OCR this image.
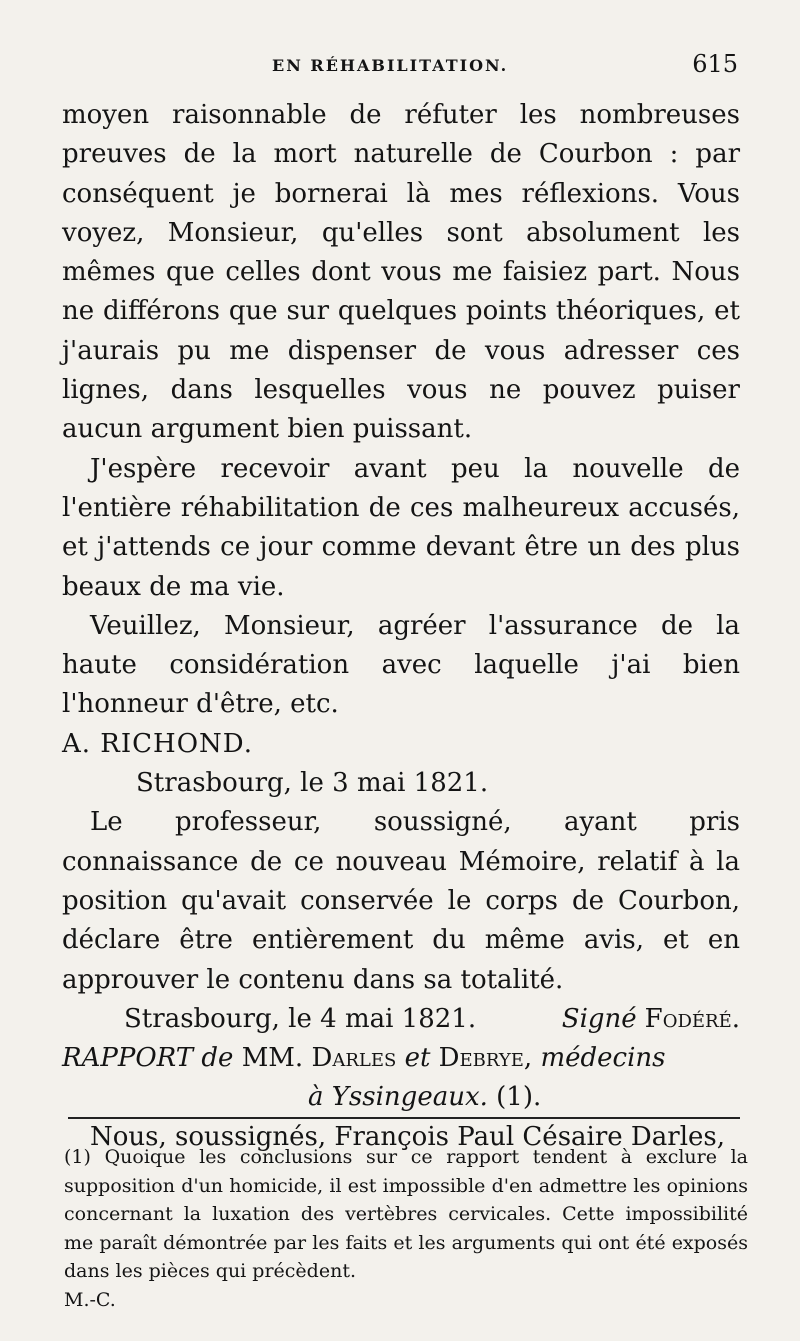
EN RÉHABILITATION.	615

moyen raisonnable de réfuter les nombreuses preuves de la mort naturelle de Courbon : par conséquent je bornerai là mes réflexions. Vous voyez, Monsieur, qu'elles sont absolument les mêmes que celles dont vous me faisiez part. Nous ne différons que sur quelques points théoriques, et j'aurais pu me dispenser de vous adresser ces lignes, dans lesquelles vous ne pouvez puiser aucun argument bien puissant.

J'espère recevoir avant peu la nouvelle de l'entière réhabilitation de ces malheureux accusés, et j'attends ce jour comme devant être un des plus beaux de ma vie.

Veuillez, Monsieur, agréer l'assurance de la haute considération avec laquelle j'ai bien l'honneur d'être, etc.

A. RICHOND.

Strasbourg, le 3 mai 1821.

Le professeur, soussigné, ayant pris connaissance de ce nouveau Mémoire, relatif à la position qu'avait conservée le corps de Courbon, déclare être entièrement du même avis, et en approuver le contenu dans sa totalité.

Strasbourg, le 4 mai 1821.	Signé Fodéré.

RAPPORT de MM. Darles et Debrye, médecins

à Yssingeaux. (1).

Nous, soussignés, François Paul Césaire Darles,

(1) Quoique les conclusions sur ce rapport tendent à exclure la supposition d'un homicide, il est impossible d'en admettre les opinions concernant la luxation des vertèbres cervicales. Cette impossibilité me paraît démontrée par les faits et les arguments qui ont été exposés dans les pièces qui précèdent.

M.-C.
